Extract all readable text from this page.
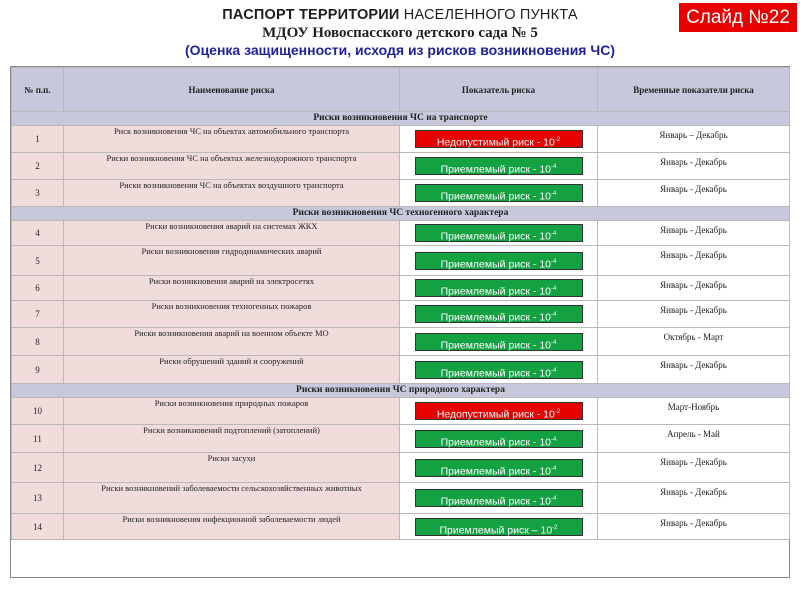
ПАСПОРТ ТЕРРИТОРИИ НАСЕЛЕННОГО ПУНКТА
МДОУ Новоспасского детского сада № 5
(Оценка защищенности, исходя из рисков возникновения ЧС)
Слайд №22
№ п.п.	Наименование риска	Показатель риска	Временные показатели риска
Риски возникновения ЧС на транспорте			
1	Риск возникновения ЧС на объектах автомобильного транспорта	Недопустимый риск - $10^{-2}$	Январь – Декабрь
2	Риски возникновения ЧС на объектах железнодорожного транспорта	Приемлемый риск - $10^{-4}$	Январь - Декабрь
3	Риски возникновения ЧС на объектах воздушного транспорта	Приемлемый риск - $10^{-4}$	Январь - Декабрь
Риски возникновения ЧС техногенного характера			
4	Риски возникновения аварий на системах ЖКХ	Приемлемый риск - $10^{-4}$	Январь - Декабрь
5	Риски возникновения гидродинамических аварий	Приемлемый риск - $10^{-4}$	Январь - Декабрь
6	Риски возникновения аварий на электросетях	Приемлемый риск - $10^{-4}$	Январь - Декабрь
7	Риски возникновения техногенных пожаров	Приемлемый риск - $10^{-4}$	Январь - Декабрь
8	Риски возникновения аварий на военном объекте МО	Приемлемый риск - $10^{-4}$	Октябрь - Март
9	Риски обрушений зданий и сооружений	Приемлемый риск - $10^{-4}$	Январь - Декабрь
Риски возникновения ЧС природного характера			
10	Риски возникновения природных пожаров	Недопустимый риск - $10^{-2}$	Март-Ноябрь
11	Риски возникновений подтоплений (затоплений)	Приемлемый риск - $10^{-4}$	Апрель - Май
12	Риски засухи	Приемлемый риск - $10^{-4}$	Январь - Декабрь
13	Риски возникновений заболеваемости сельскохозяйственных животных	Приемлемый риск - $10^{-4}$	Январь - Декабрь
14	Риски возникновения инфекционной заболеваемости людей	Приемлемый риск – $10^{-2}$	Январь - Декабрь
